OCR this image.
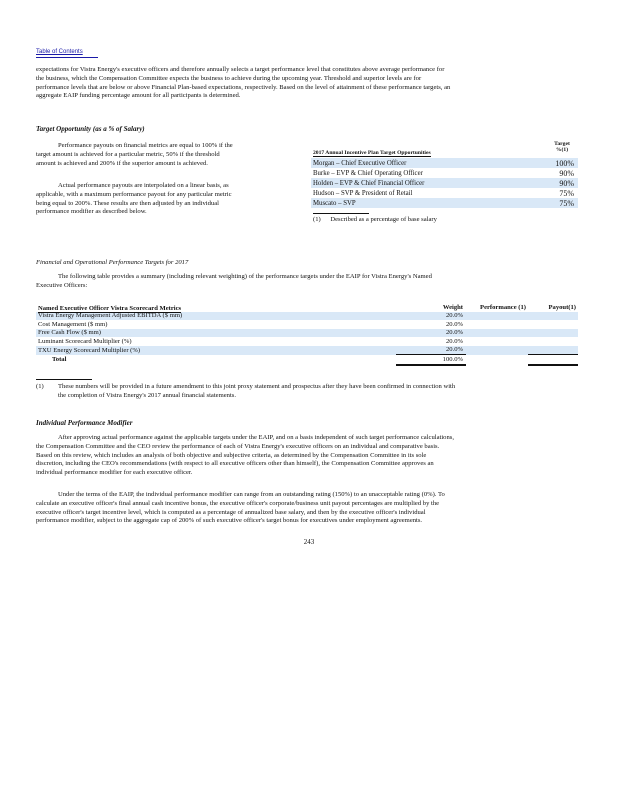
Table of Contents

expectations for Vistra Energy's executive officers and therefore annually selects a target performance level that constitutes above average performance for

the business, which the Compensation Committee expects the business to achieve during the upcoming year. Threshold and superior levels are for

performance levels that are below or above Financial Plan-based expectations, respectively. Based on the level of attainment of these performance targets, an

aggregate EAIP funding percentage amount for all participants is determined.

Target Opportunity (as a % of Salary)

Performance payouts on financial metrics are equal to 100% if the

target amount is achieved for a particular metric, 50% if the threshold

amount is achieved and 200% if the superior amount is achieved.

Actual performance payouts are interpolated on a linear basis, as

applicable, with a maximum performance payout for any particular metric

being equal to 200%. These results are then adjusted by an individual

performance modifier as described below.

2017 Annual Incentive Plan Target Opportunities
Target
%(1)
Morgan – Chief Executive Officer	100%
Burke – EVP & Chief Operating Officer	90%
Holden – EVP & Chief Financial Officer	90%
Hudson – SVP & President of Retail	75%
Muscato – SVP	75%
(1) Described as a percentage of base salary
Financial and Operational Performance Targets for 2017

The following table provides a summary (including relevant weighting) of the performance targets under the EAIP for Vistra Energy's Named

Executive Officers:

Named Executive Officer Vistra Scorecard Metrics	Weight	Performance (1)	Payout(1)
Vistra Energy Management Adjusted EBITDA ($ mm)	20.0%		
Cost Management ($ mm)	20.0%		
Free Cash Flow ($ mm)	20.0%		
Luminant Scorecard Multiplier (%)	20.0%		
TXU Energy Scorecard Multiplier (%)	20.0%		
Total	100.0%		
(1) These numbers will be provided in a future amendment to this joint proxy statement and prospectus after they have been confirmed in connection with

the completion of Vistra Energy's 2017 annual financial statements.

Individual Performance Modifier

After approving actual performance against the applicable targets under the EAIP, and on a basis independent of such target performance calculations,

the Compensation Committee and the CEO review the performance of each of Vistra Energy's executive officers on an individual and comparative basis.

Based on this review, which includes an analysis of both objective and subjective criteria, as determined by the Compensation Committee in its sole

discretion, including the CEO's recommendations (with respect to all executive officers other than himself), the Compensation Committee approves an

individual performance modifier for each executive officer.

Under the terms of the EAIP, the individual performance modifier can range from an outstanding rating (150%) to an unacceptable rating (0%). To

calculate an executive officer's final annual cash incentive bonus, the executive officer's corporate/business unit payout percentages are multiplied by the

executive officer's target incentive level, which is computed as a percentage of annualized base salary, and then by the executive officer's individual

performance modifier, subject to the aggregate cap of 200% of such executive officer's target bonus for executives under employment agreements.

243
